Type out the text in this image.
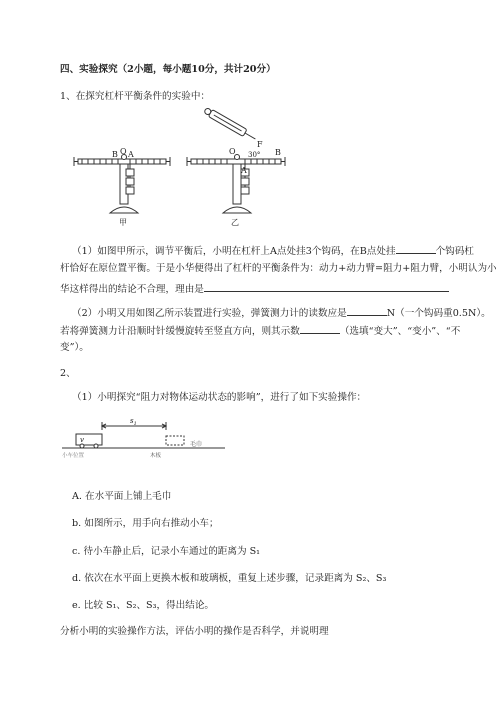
四、实验探究（2小题，每小题10分，共计20分）
1、在探究杠杆平衡条件的实验中：
B O A
甲
F
30° B
O
A
乙
（1）如图甲所示，调节平衡后，小明在杠杆上A点处挂3个钩码，在B点处挂	个钩码杠
杆恰好在原位置平衡。于是小华便得出了杠杆的平衡条件为：动力+动力臂=阻力+阻力臂，小明认为小
华这样得出的结论不合理，理由是
（2）小明又用如图乙所示装置进行实验，弹簧测力计的读数应是	N（一个钩码重0.5N）。
若将弹簧测力计沿顺时针缓慢旋转至竖直方向，则其示数	（选填“变大”、“变小”、“不
变”）。
2、
（1）小明探究“阻力对物体运动状态的影响”，进行了如下实验操作：
$s_1$
v
毛巾
小车位置	木板
A. 在水平面上铺上毛巾
b. 如图所示，用手向右推动小车；
c. 待小车静止后，记录小车通过的距离为 S₁
d. 依次在水平面上更换木板和玻璃板，重复上述步骤，记录距离为 S₂、S₃
e. 比较 S₁、S₂、S₃，得出结论。
分析小明的实验操作方法，评估小明的操作是否科学，并说明理
